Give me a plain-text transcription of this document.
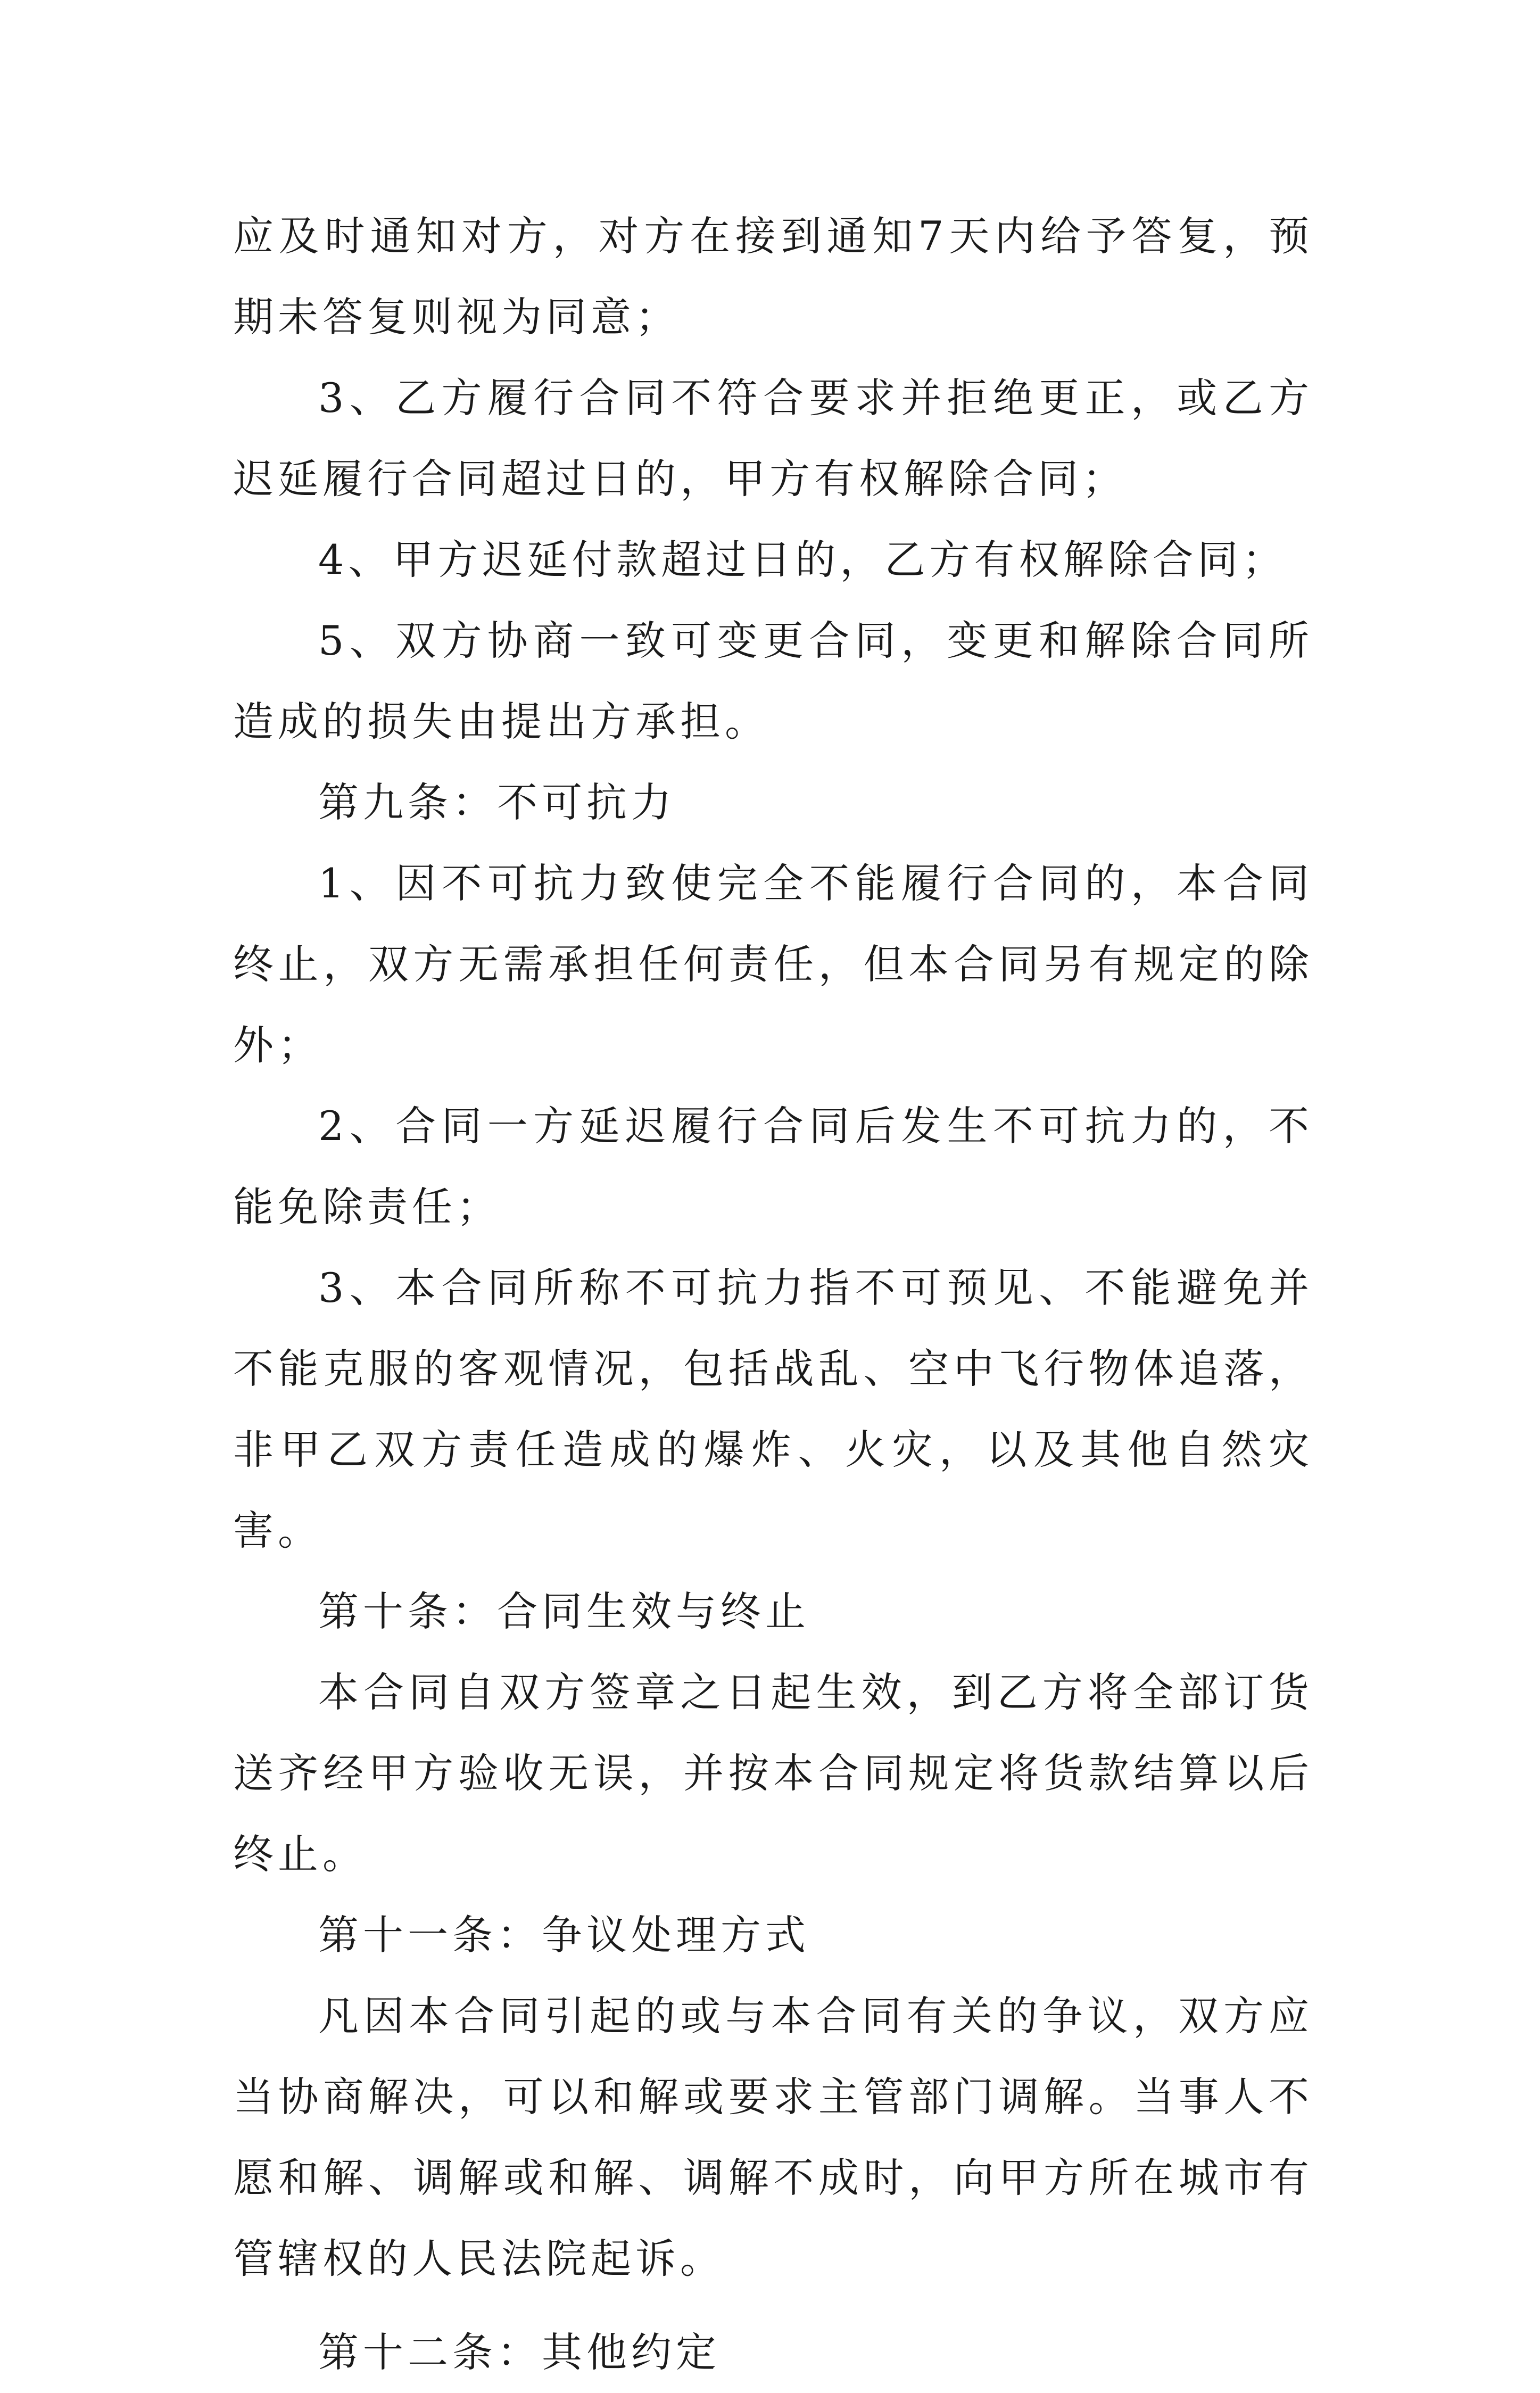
应及时通知对方，对方在接到通知7天内给予答复，预期未答复则视为同意；

3、乙方履行合同不符合要求并拒绝更正，或乙方迟延履行合同超过日的，甲方有权解除合同；

4、甲方迟延付款超过日的，乙方有权解除合同；

5、双方协商一致可变更合同，变更和解除合同所造成的损失由提出方承担。

第九条：不可抗力

1、因不可抗力致使完全不能履行合同的，本合同终止，双方无需承担任何责任，但本合同另有规定的除外；

2、合同一方延迟履行合同后发生不可抗力的，不能免除责任；

3、本合同所称不可抗力指不可预见、不能避免并不能克服的客观情况，包括战乱、空中飞行物体追落，非甲乙双方责任造成的爆炸、火灾，以及其他自然灾害。

第十条：合同生效与终止

本合同自双方签章之日起生效，到乙方将全部订货送齐经甲方验收无误，并按本合同规定将货款结算以后终止。

第十一条：争议处理方式

凡因本合同引起的或与本合同有关的争议，双方应当协商解决，可以和解或要求主管部门调解。当事人不愿和解、调解或和解、调解不成时，向甲方所在城市有管辖权的人民法院起诉。

第十二条：其他约定
